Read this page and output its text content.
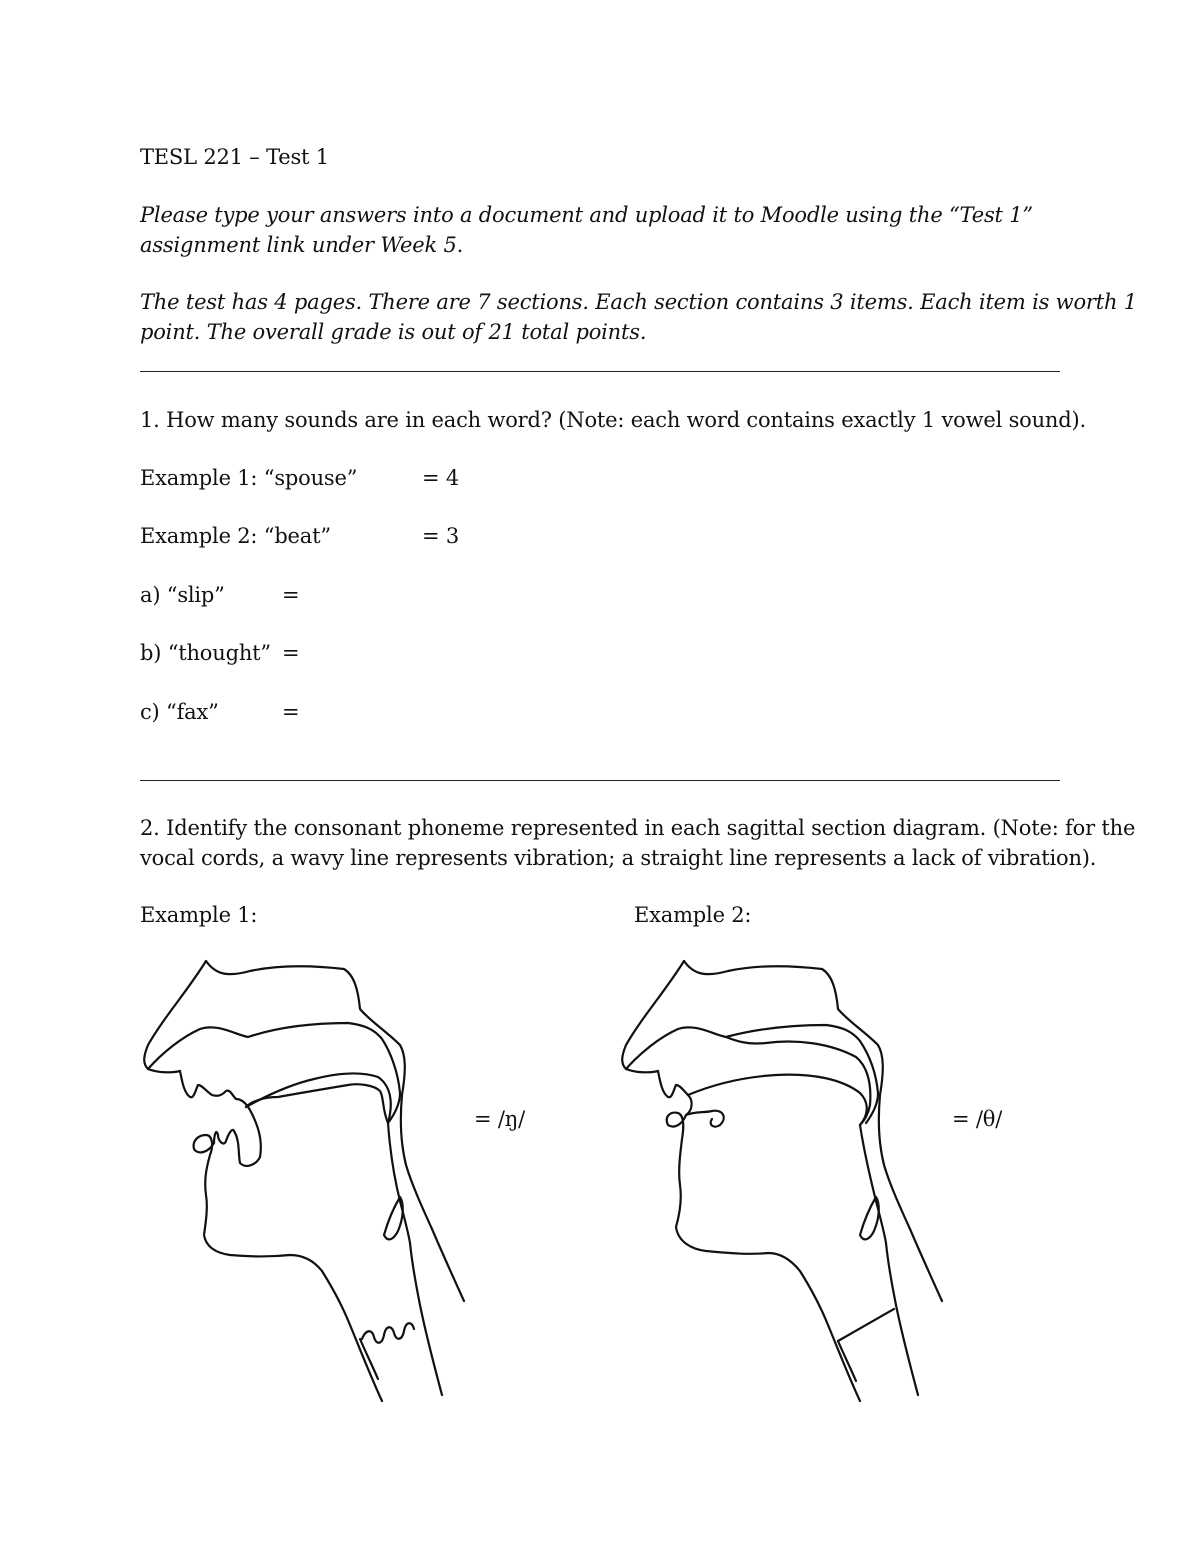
TESL 221 – Test 1
Please type your answers into a document and upload it to Moodle using the “Test 1”
assignment link under Week 5.
The test has 4 pages. There are 7 sections. Each section contains 3 items. Each item is worth 1
point. The overall grade is out of 21 total points.
1. How many sounds are in each word? (Note: each word contains exactly 1 vowel sound).
Example 1: “spouse”	= 4
Example 2: “beat”	= 3
a) “slip”	=
b) “thought” =
c) “fax”	=
2. Identify the consonant phoneme represented in each sagittal section diagram. (Note: for the
vocal cords, a wavy line represents vibration; a straight line represents a lack of vibration).
Example 1:	Example 2:
= /ŋ/	= /θ/
